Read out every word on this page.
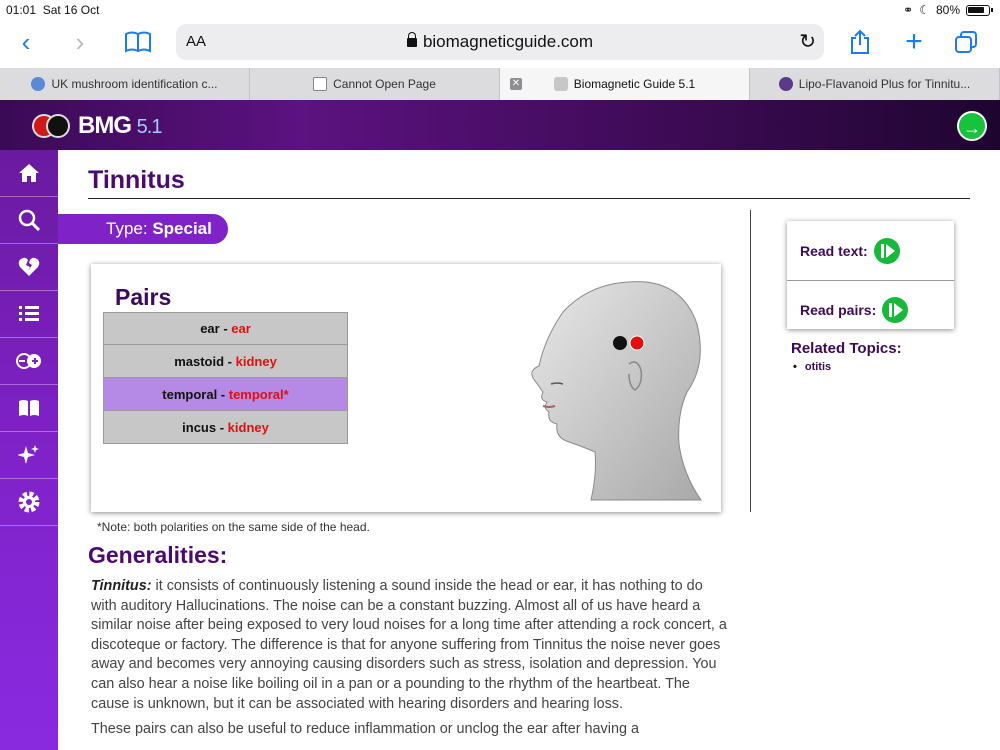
01:01 Sat 16 Oct	⚭ ☾ 80%
‹ ›	AA	biomagneticguide.com	↻	+
UK mushroom identification c...	Cannot Open Page	✕	Biomagnetic Guide 5.1	Lipo-Flavanoid Plus for Tinnitu...
BMG 5.1	→
Tinnitus
Type: Special
Pairs
ear - ear
mastoid - kidney
temporal - temporal*
incus - kidney
*Note: both polarities on the same side of the head.
Generalities:

Tinnitus: it consists of continuously listening a sound inside the head or ear, it has nothing to do with auditory Hallucinations. The noise can be a constant buzzing. Almost all of us have heard a similar noise after being exposed to very loud noises for a long time after attending a rock concert, a discoteque or factory. The difference is that for anyone suffering from Tinnitus the noise never goes away and becomes very annoying causing disorders such as stress, isolation and depression. You can also hear a noise like boiling oil in a pan or a pounding to the rhythm of the heartbeat. The cause is unknown, but it can be associated with hearing disorders and hearing loss.

These pairs can also be useful to reduce inflammation or unclog the ear after having a

Read text:
Read pairs:
Related Topics:
• otitis
